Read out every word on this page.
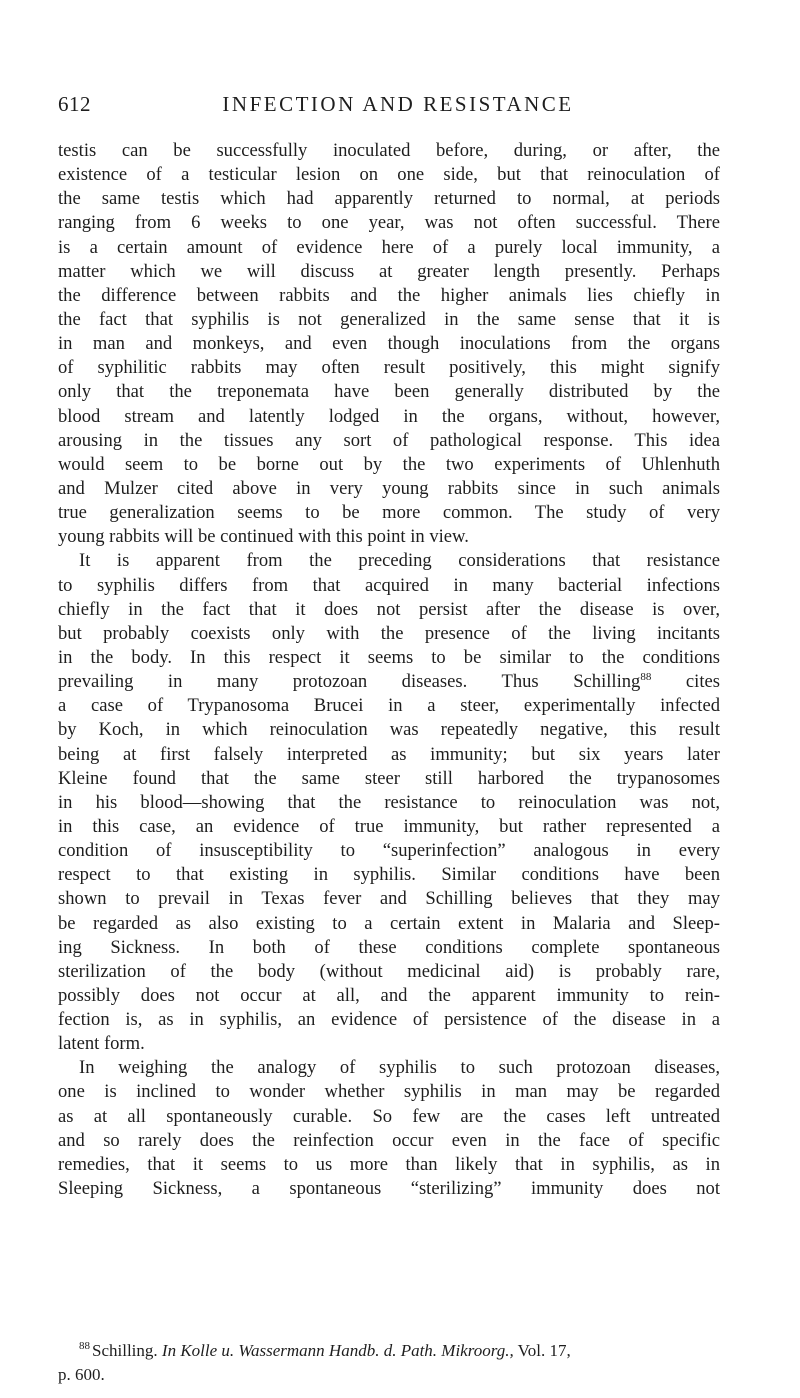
612	INFECTION AND RESISTANCE
testis can be successfully inoculated before, during, or after, the
existence of a testicular lesion on one side, but that reinoculation of
the same testis which had apparently returned to normal, at periods
ranging from 6 weeks to one year, was not often successful. There
is a certain amount of evidence here of a purely local immunity, a
matter which we will discuss at greater length presently. Perhaps
the difference between rabbits and the higher animals lies chiefly in
the fact that syphilis is not generalized in the same sense that it is
in man and monkeys, and even though inoculations from the organs
of syphilitic rabbits may often result positively, this might signify
only that the treponemata have been generally distributed by the
blood stream and latently lodged in the organs, without, however,
arousing in the tissues any sort of pathological response. This idea
would seem to be borne out by the two experiments of Uhlenhuth
and Mulzer cited above in very young rabbits since in such animals
true generalization seems to be more common. The study of very
young rabbits will be continued with this point in view.
It is apparent from the preceding considerations that resistance
to syphilis differs from that acquired in many bacterial infections
chiefly in the fact that it does not persist after the disease is over,
but probably coexists only with the presence of the living incitants
in the body. In this respect it seems to be similar to the conditions
prevailing in many protozoan diseases. Thus Schilling$^{88}$ cites
a case of Trypanosoma Brucei in a steer, experimentally infected
by Koch, in which reinoculation was repeatedly negative, this result
being at first falsely interpreted as immunity; but six years later
Kleine found that the same steer still harbored the trypanosomes
in his blood—showing that the resistance to reinoculation was not,
in this case, an evidence of true immunity, but rather represented a
condition of insusceptibility to “superinfection” analogous in every
respect to that existing in syphilis. Similar conditions have been
shown to prevail in Texas fever and Schilling believes that they may
be regarded as also existing to a certain extent in Malaria and Sleep-
ing Sickness. In both of these conditions complete spontaneous
sterilization of the body (without medicinal aid) is probably rare,
possibly does not occur at all, and the apparent immunity to rein-
fection is, as in syphilis, an evidence of persistence of the disease in a
latent form.
In weighing the analogy of syphilis to such protozoan diseases,
one is inclined to wonder whether syphilis in man may be regarded
as at all spontaneously curable. So few are the cases left untreated
and so rarely does the reinfection occur even in the face of specific
remedies, that it seems to us more than likely that in syphilis, as in
Sleeping Sickness, a spontaneous “sterilizing” immunity does not
$^{88}$ Schilling. In Kolle u. Wassermann Handb. d. Path. Mikroorg., Vol. 17,
p. 600.
